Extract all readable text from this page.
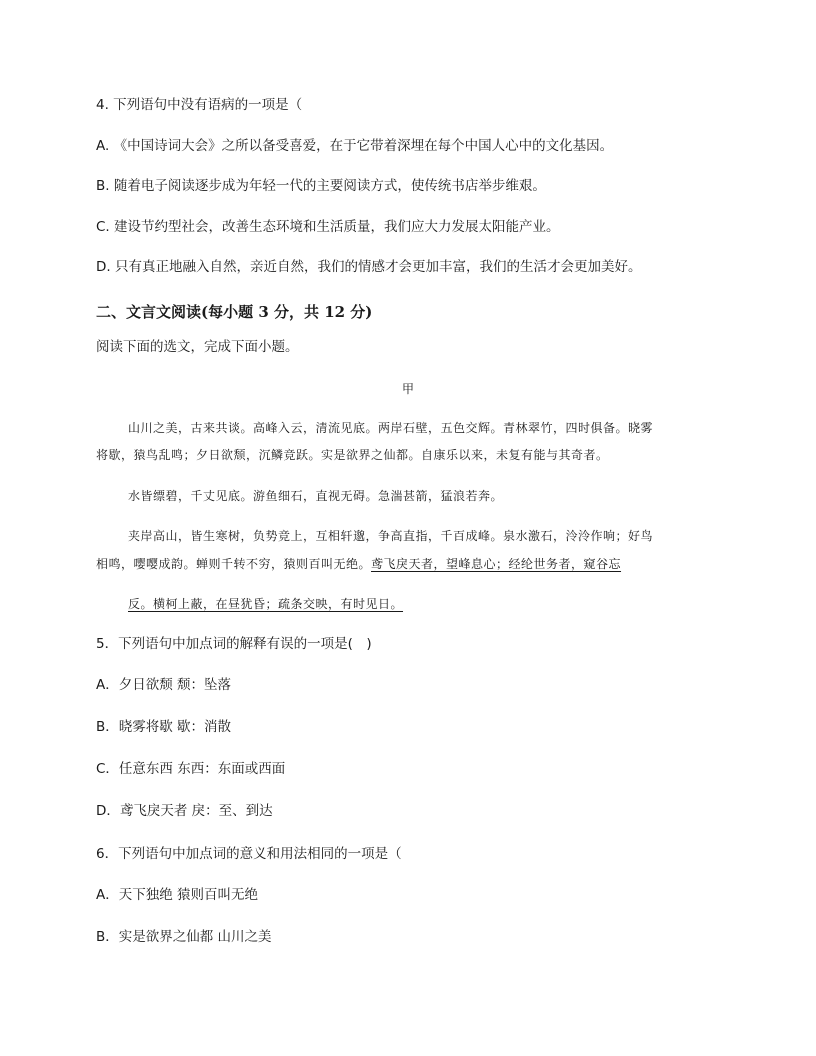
4. 下列语句中没有语病的一项是（
A. 《中国诗词大会》之所以备受喜爱，在于它带着深埋在每个中国人心中的文化基因。
B. 随着电子阅读逐步成为年轻一代的主要阅读方式，使传统书店举步维艰。
C. 建设节约型社会，改善生态环境和生活质量，我们应大力发展太阳能产业。
D. 只有真正地融入自然，亲近自然，我们的情感才会更加丰富，我们的生活才会更加美好。
二、文言文阅读(每小题 3 分，共 12 分)
阅读下面的选文，完成下面小题。
甲
山川之美，古来共谈。高峰入云，清流见底。两岸石壁，五色交辉。青林翠竹，四时俱备。晓雾
将歇，猿鸟乱鸣；夕日欲颓，沉鳞竞跃。实是欲界之仙都。自康乐以来，未复有能与其奇者。
水皆缥碧，千丈见底。游鱼细石，直视无碍。急湍甚箭，猛浪若奔。
夹岸高山，皆生寒树，负势竞上，互相轩邈，争高直指，千百成峰。泉水激石，泠泠作响；好鸟
相鸣，嘤嘤成韵。蝉则千转不穷，猿则百叫无绝。鸢飞戾天者，望峰息心；经纶世务者，窥谷忘
反。横柯上蔽，在昼犹昏；疏条交映，有时见日。
5．下列语句中加点词的解释有误的一项是(　)
A．夕日欲颓 颓：坠落
B．晓雾将歇 歇：消散
C．任意东西 东西：东面或西面
D．鸢飞戾天者 戾：至、到达
6．下列语句中加点词的意义和用法相同的一项是（
A．天下独绝 猿则百叫无绝
B．实是欲界之仙都 山川之美
